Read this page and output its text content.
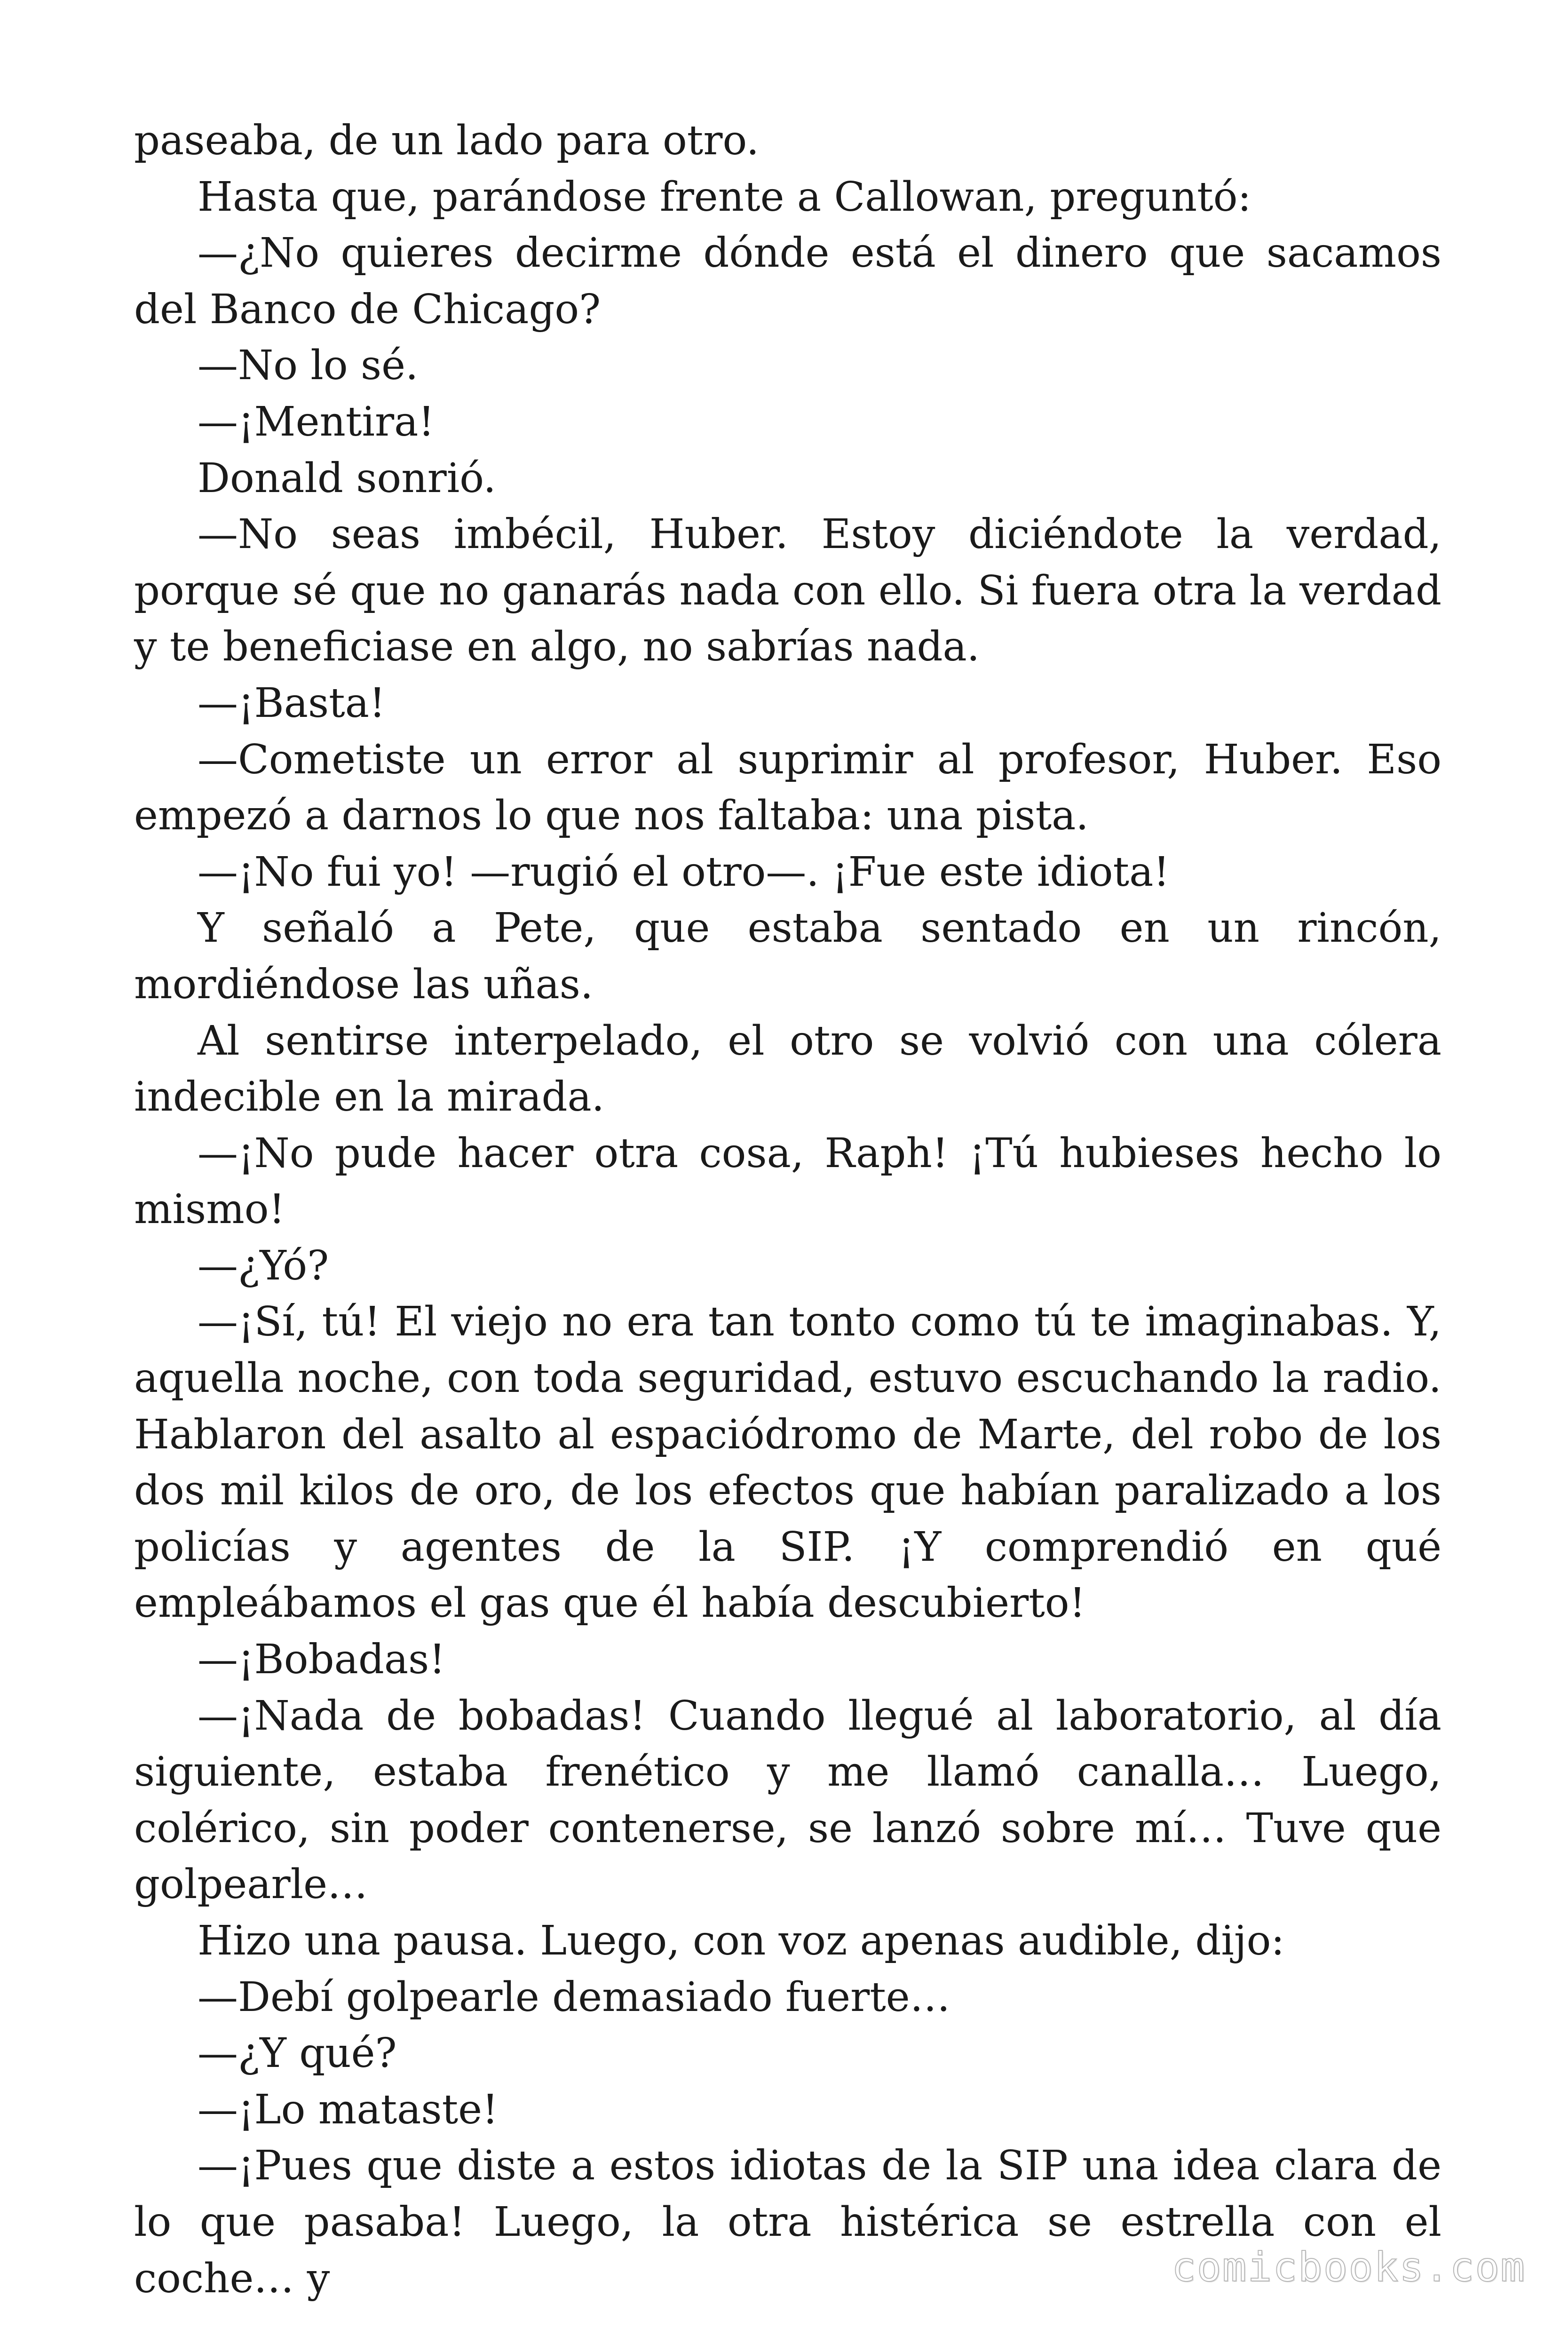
paseaba, de un lado para otro.

Hasta que, parándose frente a Callowan, preguntó:

—¿No quieres decirme dónde está el dinero que sacamos del Banco de Chicago?

—No lo sé.

—¡Mentira!

Donald sonrió.

—No seas imbécil, Huber. Estoy diciéndote la verdad, porque sé que no ganarás nada con ello. Si fuera otra la verdad y te beneficiase en algo, no sabrías nada.

—¡Basta!

—Cometiste un error al suprimir al profesor, Huber. Eso empezó a darnos lo que nos faltaba: una pista.

—¡No fui yo! —rugió el otro—. ¡Fue este idiota!

Y señaló a Pete, que estaba sentado en un rincón, mordiéndose las uñas.

Al sentirse interpelado, el otro se volvió con una cólera indecible en la mirada.

—¡No pude hacer otra cosa, Raph! ¡Tú hubieses hecho lo mismo!

—¿Yó?

—¡Sí, tú! El viejo no era tan tonto como tú te imaginabas. Y, aquella noche, con toda seguridad, estuvo escuchando la radio. Hablaron del asalto al espaciódromo de Marte, del robo de los dos mil kilos de oro, de los efectos que habían paralizado a los policías y agentes de la SIP. ¡Y comprendió en qué empleábamos el gas que él había descubierto!

—¡Bobadas!

—¡Nada de bobadas! Cuando llegué al laboratorio, al día siguiente, estaba frenético y me llamó canalla… Luego, colérico, sin poder contenerse, se lanzó sobre mí… Tuve que golpearle…

Hizo una pausa. Luego, con voz apenas audible, dijo:

—Debí golpearle demasiado fuerte…

—¿Y qué?

—¡Lo mataste!

—¡Pues que diste a estos idiotas de la SIP una idea clara de lo que pasaba! Luego, la otra histérica se estrella con el coche… y	comicbooks.com
